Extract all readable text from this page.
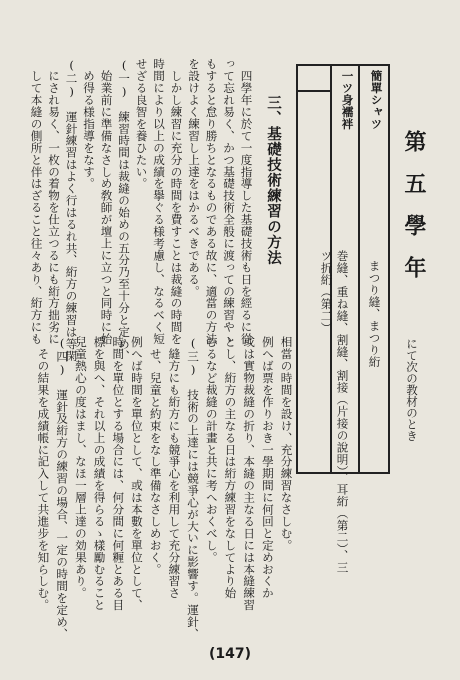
第五學年
にて次の教材のとき
簡單シャツ
一ツ身襦袢
まつり縫、まつり絎
巻縫、重ね縫、割縫、割接（片接の說明）、耳絎（第二）、三
ツ折絎（第二）
三、基礎技術練習の方法
　四學年に於て一度指導した基礎技術も日を經るに從
って忘れ易く、かつ基礎技術全般に渡っての練習やゝ
もすると怠り勝ちとなるものである故に、適當の方法
を設けよく練習し上達をはかるべきである。
　しかし練習に充分の時間を費すことは裁縫の時間を
時間により以上の成績を擧ぐる様考慮し、なるべく短
せざる良智を養ひたい。
(一)　練習時間は裁縫の始めの五分乃至十分と定め、
　始業前に準備なさしめ敎師が壇上に立つと同時に始
　め得る様指導をなす。
(二)　運針練習はよく行はるれ共、絎方の練習は等閑
　にされ易く、一枚の着物を仕立つるにも絎方拙劣に
　して本縫の側所と伴はざること往々あり、絎方にも
相當の時間を設け、充分練習なさしむ。
例へば票を作りおき一學期間に何回と定めおくか
或は實物裁縫の折り、本縫の主なる日には本縫練習
とし、絎方の主なる日は絎方練習をなしてより始
むるなど裁縫の計畫と共に考へおくべし。
(三)　技術の上達には競爭心が大いに影響す。運針、
　縫方にも絎方にも競爭心を利用して充分練習さ
　せ、兒童と約束をなし準備なさしめおく。
例へば時間を單位として、或は本數を單位として、
時間を單位とする場合には、何分間に何糎とある目
標を與へ、それ以上の成績を得らるゝ樣勵むること
兒童熱心の度はまし、なほ一層上達の効果あり。
(四)　運針及絎方の練習の場合、一定の時間を定め、
　その結果を成績帳に記入して共進步を知らしむ。
(147)
